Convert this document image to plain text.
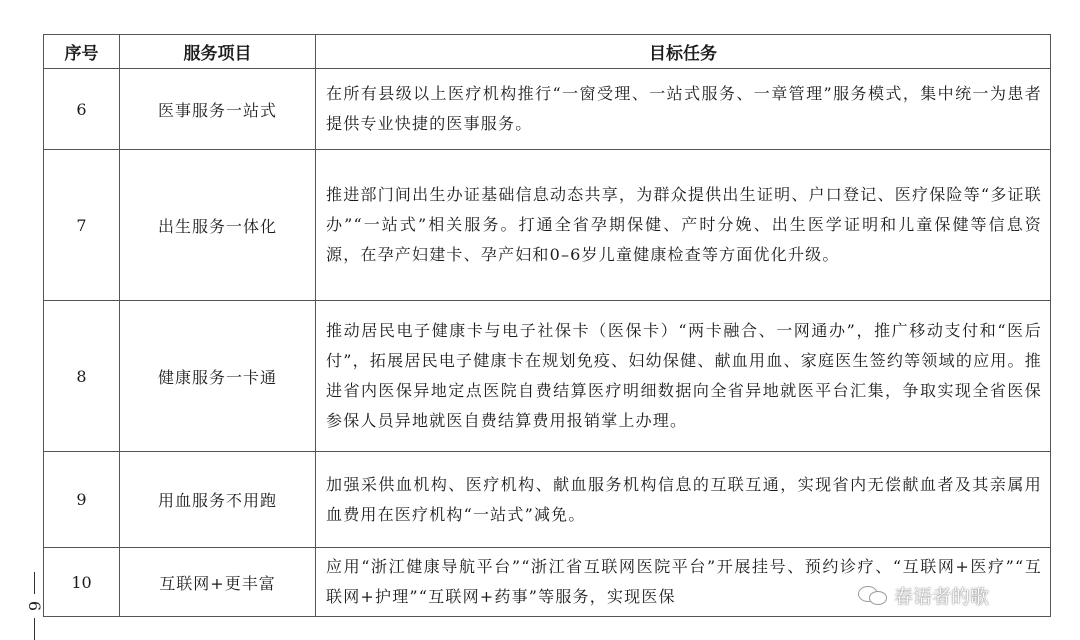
序号	服务项目	目标任务
6	医事服务一站式	在所有县级以上医疗机构推行“一窗受理、一站式服务、一章管理”服务模式，集中统一为患者提供专业快捷的医事服务。
7	出生服务一体化	推进部门间出生办证基础信息动态共享，为群众提供出生证明、户口登记、医疗保险等“多证联办”“一站式”相关服务。打通全省孕期保健、产时分娩、出生医学证明和儿童保健等信息资源，在孕产妇建卡、孕产妇和0–6岁儿童健康检查等方面优化升级。
8	健康服务一卡通	推动居民电子健康卡与电子社保卡（医保卡）“两卡融合、一网通办”，推广移动支付和“医后付”，拓展居民电子健康卡在规划免疫、妇幼保健、献血用血、家庭医生签约等领域的应用。推进省内医保异地定点医院自费结算医疗明细数据向全省异地就医平台汇集，争取实现全省医保参保人员异地就医自费结算费用报销掌上办理。
9	用血服务不用跑	加强采供血机构、医疗机构、献血服务机构信息的互联互通，实现省内无偿献血者及其亲属用血费用在医疗机构“一站式”减免。
10	互联网+更丰富	应用“浙江健康导航平台”“浙江省互联网医院平台”开展挂号、预约诊疗、“互联网+医疗”“互联网+护理”“互联网+药事”等服务，实现医保
6	春语者的歌
